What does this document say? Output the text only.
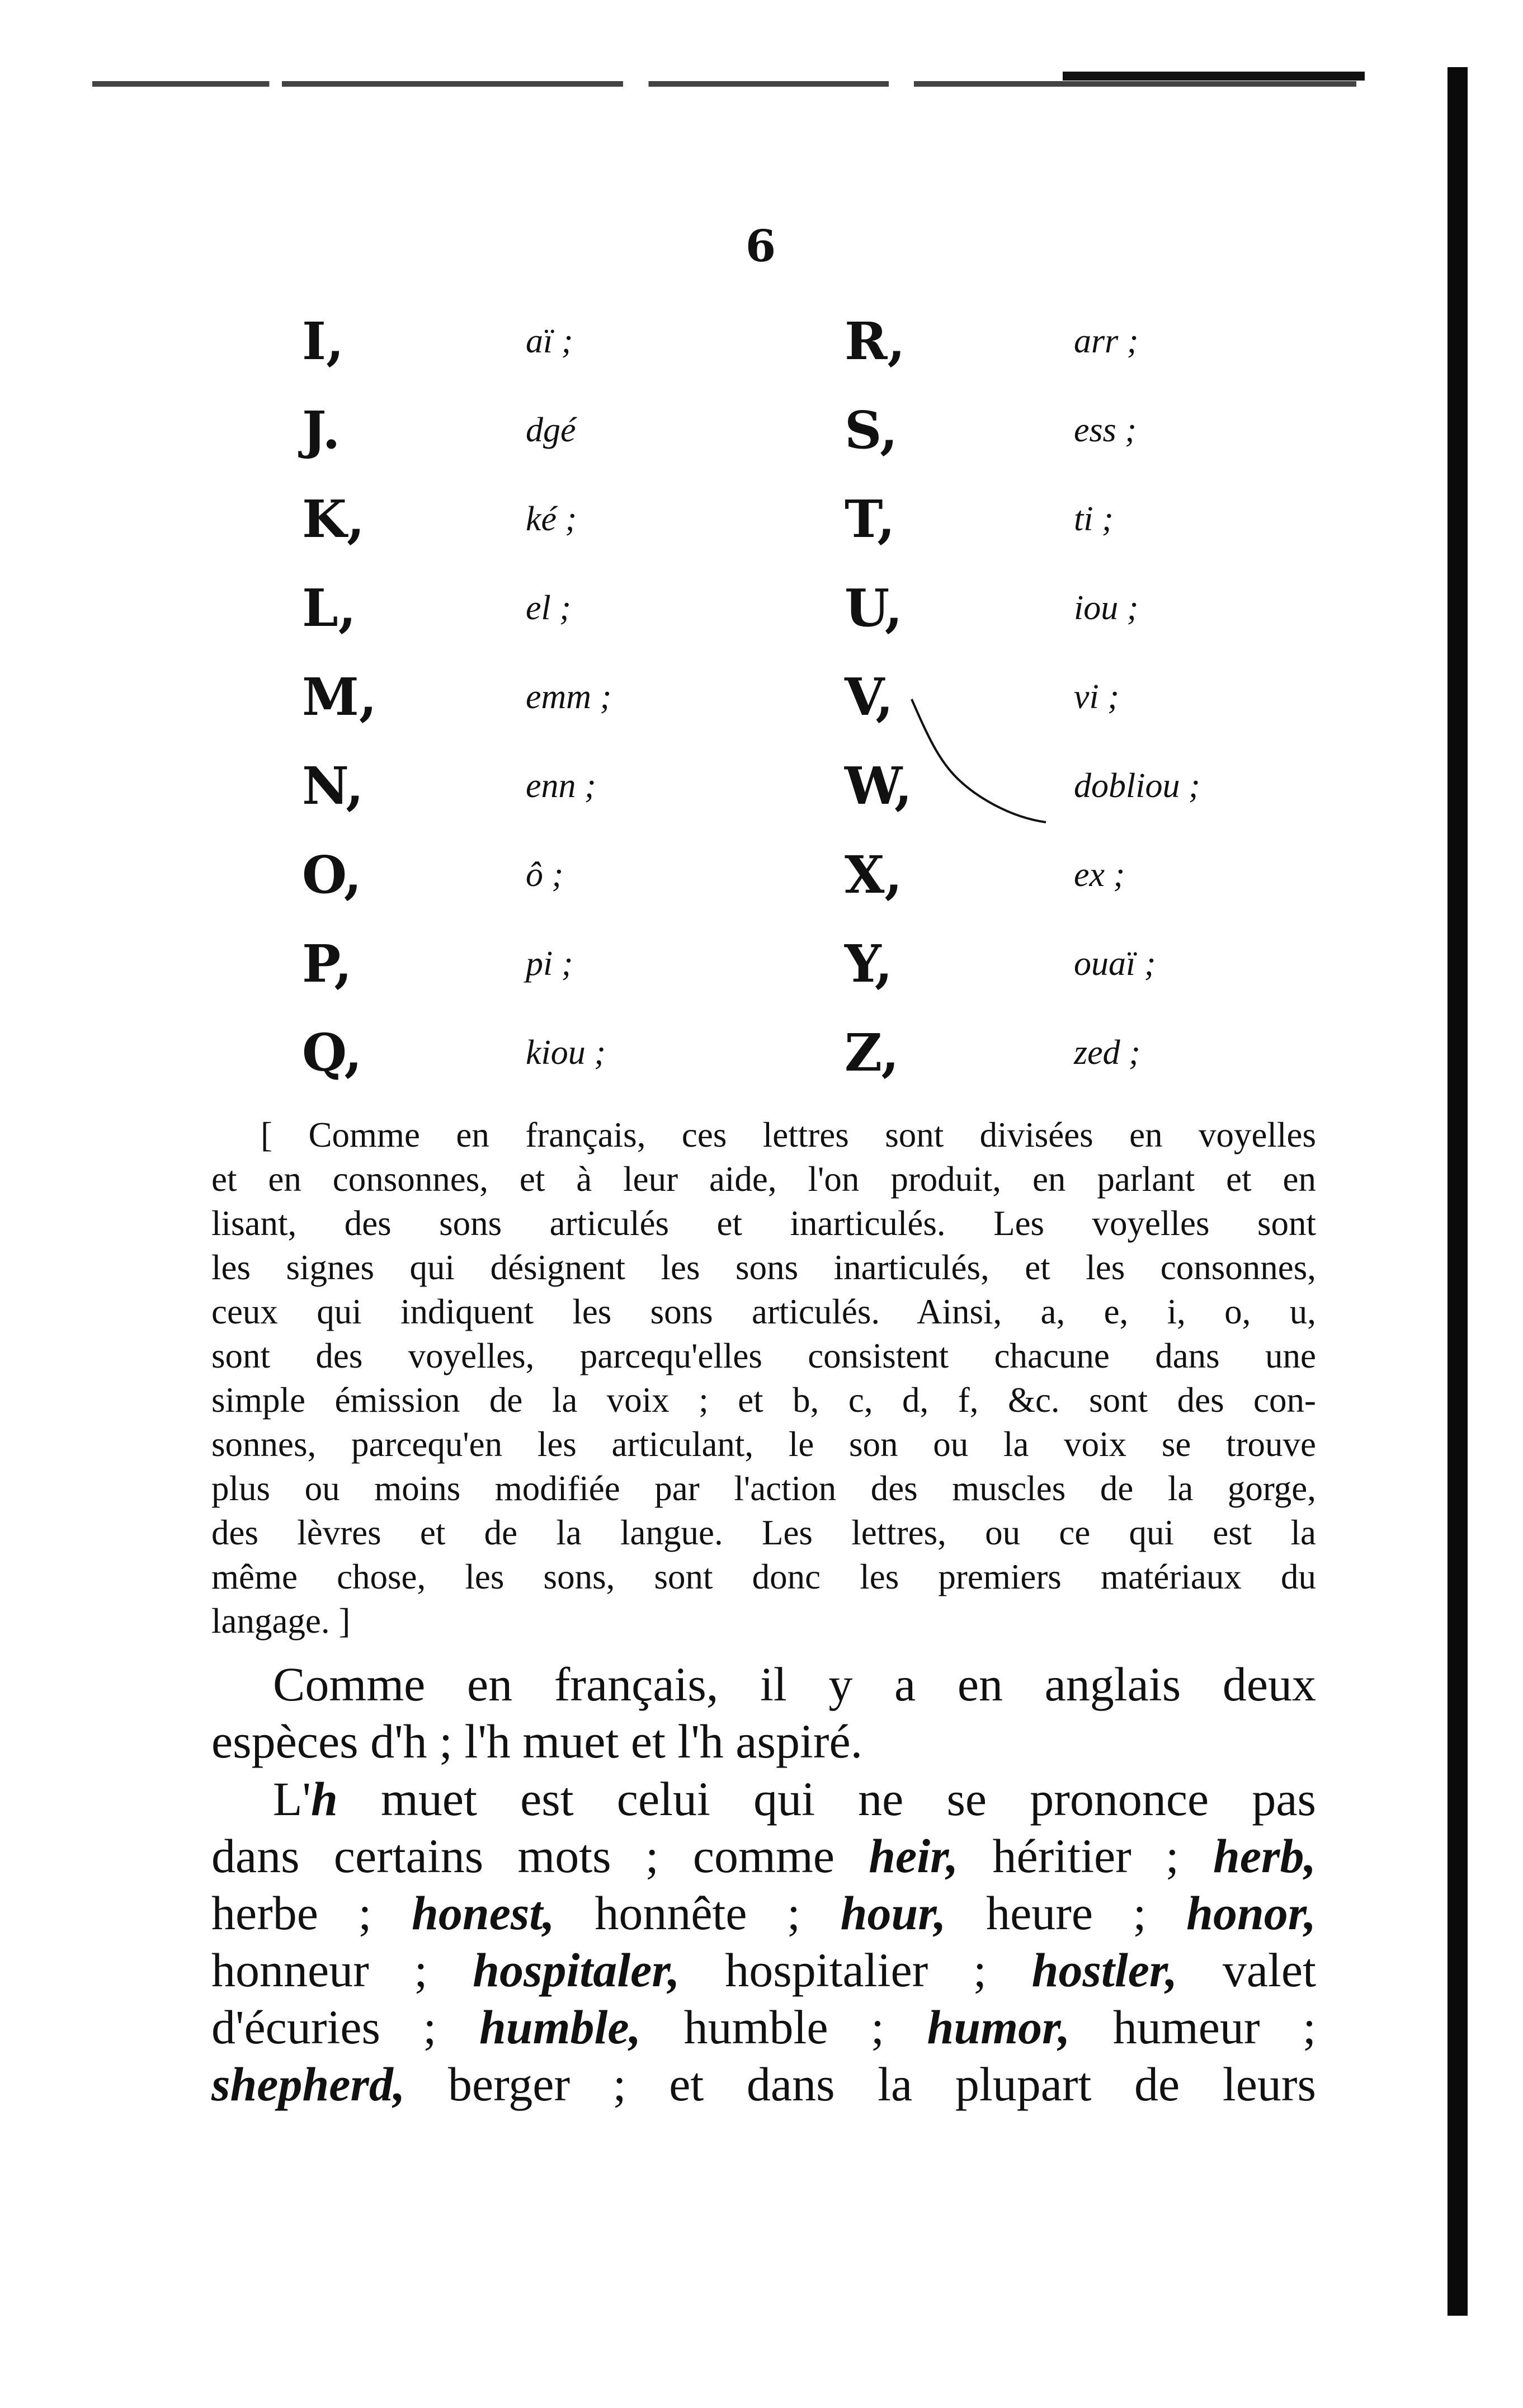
6
I,	aï ;	R,	arr ;
J.	dgé	S,	ess ;
K,	ké ;	T,	ti ;
L,	el ;	U,	iou ;
M,	emm ;	V,	vi ;
N,	enn ;	W,	dobliou ;
O,	ô ;	X,	ex ;
P,	pi ;	Y,	ouaï ;
Q,	kiou ;	Z,	zed ;
[ Comme en français, ces lettres sont divisées en voyelles
et en consonnes, et à leur aide, l'on produit, en parlant et en
lisant, des sons articulés et inarticulés. Les voyelles sont
les signes qui désignent les sons inarticulés, et les consonnes,
ceux qui indiquent les sons articulés. Ainsi, a, e, i, o, u,
sont des voyelles, parcequ'elles consistent chacune dans une
simple émission de la voix ; et b, c, d, f, &c. sont des con-
sonnes, parcequ'en les articulant, le son ou la voix se trouve
plus ou moins modifiée par l'action des muscles de la gorge,
des lèvres et de la langue. Les lettres, ou ce qui est la
même chose, les sons, sont donc les premiers matériaux du
langage. ]
Comme en français, il y a en anglais deux
espèces d'h ; l'h muet et l'h aspiré.
L'h muet est celui qui ne se prononce pas
dans certains mots ; comme heir, héritier ; herb,
herbe ; honest, honnête ; hour, heure ; honor,
honneur ; hospitaler, hospitalier ; hostler, valet
d'écuries ; humble, humble ; humor, humeur ;
shepherd, berger ; et dans la plupart de leurs
